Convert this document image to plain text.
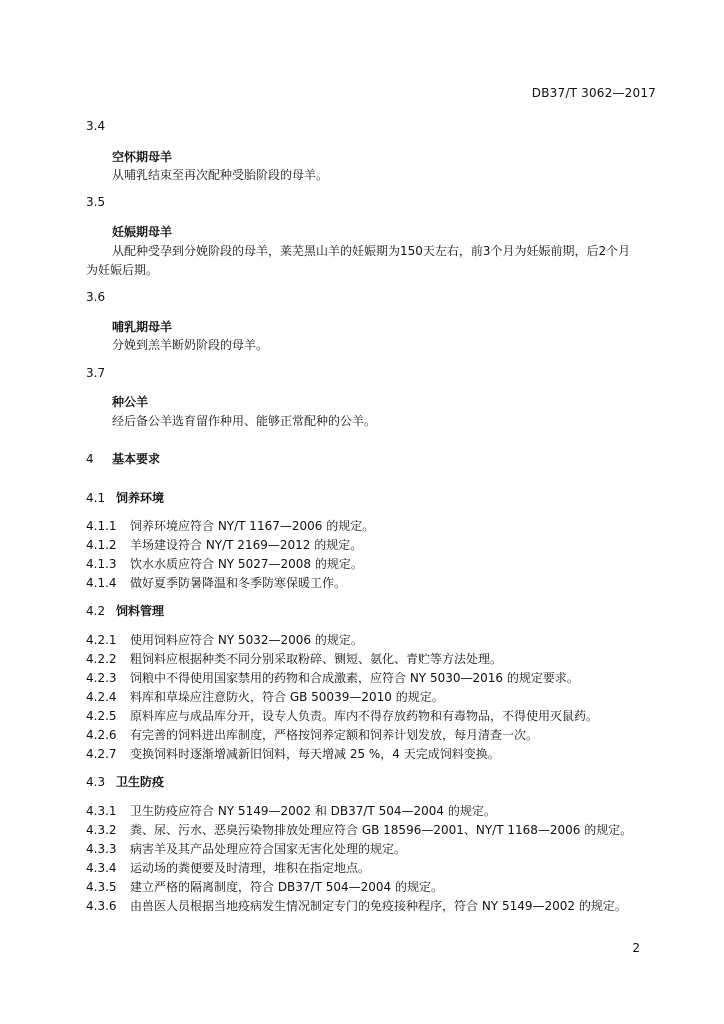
DB37/T 3062—2017
3.4
空怀期母羊
从哺乳结束至再次配种受胎阶段的母羊。
3.5
妊娠期母羊
从配种受孕到分娩阶段的母羊，莱芜黑山羊的妊娠期为150天左右，前3个月为妊娠前期，后2个月
为妊娠后期。
3.6
哺乳期母羊
分娩到羔羊断奶阶段的母羊。
3.7
种公羊
经后备公羊选育留作种用、能够正常配种的公羊。
4 基本要求
4.1 饲养环境
4.1.1 饲养环境应符合 NY/T 1167—2006 的规定。
4.1.2 羊场建设符合 NY/T 2169—2012 的规定。
4.1.3 饮水水质应符合 NY 5027—2008 的规定。
4.1.4 做好夏季防暑降温和冬季防寒保暖工作。
4.2 饲料管理
4.2.1 使用饲料应符合 NY 5032—2006 的规定。
4.2.2 粗饲料应根据种类不同分别采取粉碎、铡短、氨化、青贮等方法处理。
4.2.3 饲粮中不得使用国家禁用的药物和合成激素，应符合 NY 5030—2016 的规定要求。
4.2.4 料库和草垛应注意防火，符合 GB 50039—2010 的规定。
4.2.5 原料库应与成品库分开，设专人负责。库内不得存放药物和有毒物品，不得使用灭鼠药。
4.2.6 有完善的饲料进出库制度，严格按饲养定额和饲养计划发放，每月清查一次。
4.2.7 变换饲料时逐渐增减新旧饲料，每天增减 25 %，4 天完成饲料变换。
4.3 卫生防疫
4.3.1 卫生防疫应符合 NY 5149—2002 和 DB37/T 504—2004 的规定。
4.3.2 粪、尿、污水、恶臭污染物排放处理应符合 GB 18596—2001、NY/T 1168—2006 的规定。
4.3.3 病害羊及其产品处理应符合国家无害化处理的规定。
4.3.4 运动场的粪便要及时清理，堆积在指定地点。
4.3.5 建立严格的隔离制度，符合 DB37/T 504—2004 的规定。
4.3.6 由兽医人员根据当地疫病发生情况制定专门的免疫接种程序，符合 NY 5149—2002 的规定。
2
